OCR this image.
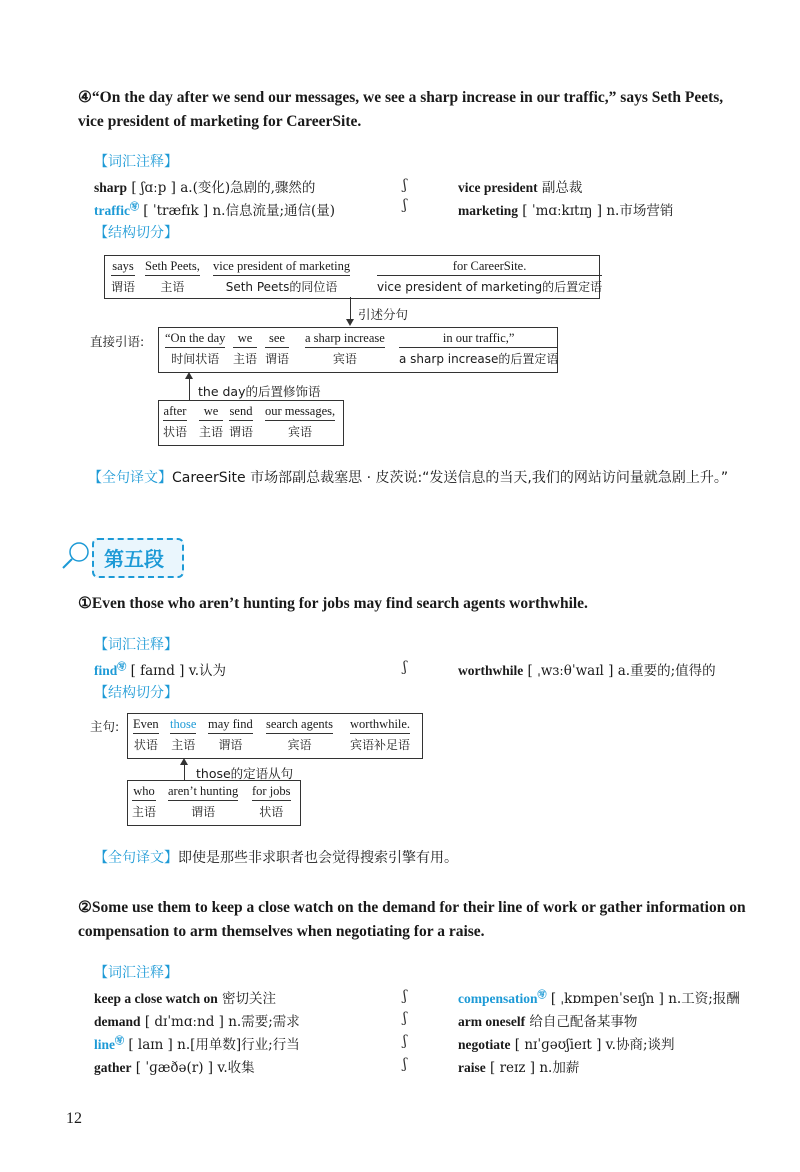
④“On the day after we send our messages, we see a sharp increase in our traffic,” says Seth Peets, vice president of marketing for CareerSite.
【词汇注释】
sharp [ ʃɑːp ] a.(变化)急剧的,骤然的
traffic㊢ [ ˈtræfɪk ] n.信息流量;通信(量)
ʃ
ʃ
vice president 副总裁
marketing [ ˈmɑːkɪtɪŋ ] n.市场营销
【结构切分】
says
谓语
Seth Peets,
主语
vice president of marketing
Seth Peets的同位语
for CareerSite.
vice president of marketing的后置定语
引述分句
直接引语: “On the day
时间状语
we
主语
see
谓语
a sharp increase
宾语
in our traffic,”
a sharp increase的后置定语
the day的后置修饰语
after
状语
we
主语
send
谓语
our messages,
宾语
【全句译文】CareerSite 市场部副总裁塞思 · 皮茨说:“发送信息的当天,我们的网站访问量就急剧上升。”
第五段
①Even those who aren’t hunting for jobs may find search agents worthwhile.
【词汇注释】
find㊢ [ faɪnd ] v.认为	ʃ	worthwhile [ ˌwɜːθˈwaɪl ] a.重要的;值得的
【结构切分】
主句: Even
状语
those
主语
may find
谓语
search agents
宾语
worthwhile.
宾语补足语
those的定语从句
who
主语
aren’t hunting
谓语
for jobs
状语
【全句译文】即使是那些非求职者也会觉得搜索引擎有用。
②Some use them to keep a close watch on the demand for their line of work or gather information on compensation to arm themselves when negotiating for a raise.
【词汇注释】
keep a close watch on 密切关注
demand [ dɪˈmɑːnd ] n.需要;需求
line㊢ [ laɪn ] n.[用单数]行业;行当
gather [ ˈɡæðə(r) ] v.收集
ʃ
ʃ
ʃ
ʃ
compensation㊢ [ ˌkɒmpenˈseɪʃn ] n.工资;报酬
arm oneself 给自己配备某事物
negotiate [ nɪˈɡəʊʃieɪt ] v.协商;谈判
raise [ reɪz ] n.加薪
12
